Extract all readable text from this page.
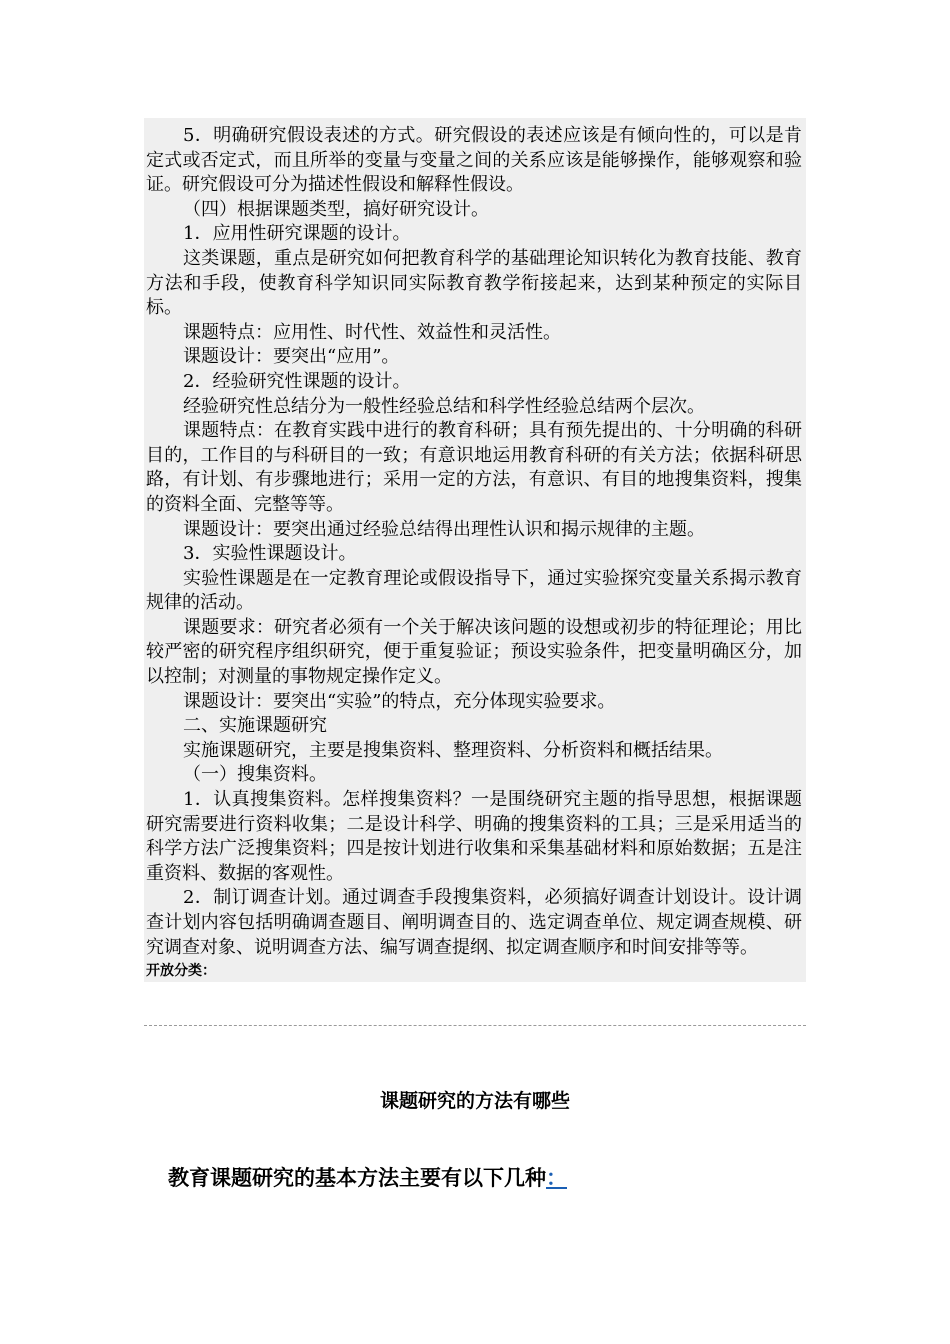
5．明确研究假设表述的方式。研究假设的表述应该是有倾向性的，可以是肯定式或否定式，而且所举的变量与变量之间的关系应该是能够操作，能够观察和验证。研究假设可分为描述性假设和解释性假设。

（四）根据课题类型，搞好研究设计。

1．应用性研究课题的设计。

这类课题，重点是研究如何把教育科学的基础理论知识转化为教育技能、教育方法和手段，使教育科学知识同实际教育教学衔接起来，达到某种预定的实际目标。

课题特点：应用性、时代性、效益性和灵活性。

课题设计：要突出“应用”。

2．经验研究性课题的设计。

经验研究性总结分为一般性经验总结和科学性经验总结两个层次。

课题特点：在教育实践中进行的教育科研；具有预先提出的、十分明确的科研目的，工作目的与科研目的一致；有意识地运用教育科研的有关方法；依据科研思路，有计划、有步骤地进行；采用一定的方法，有意识、有目的地搜集资料，搜集的资料全面、完整等等。

课题设计：要突出通过经验总结得出理性认识和揭示规律的主题。

3．实验性课题设计。

实验性课题是在一定教育理论或假设指导下，通过实验探究变量关系揭示教育规律的活动。

课题要求：研究者必须有一个关于解决该问题的设想或初步的特征理论；用比较严密的研究程序组织研究，便于重复验证；预设实验条件，把变量明确区分，加以控制；对测量的事物规定操作定义。

课题设计：要突出“实验”的特点，充分体现实验要求。

二、实施课题研究

实施课题研究，主要是搜集资料、整理资料、分析资料和概括结果。

（一）搜集资料。

1．认真搜集资料。怎样搜集资料？一是围绕研究主题的指导思想，根据课题研究需要进行资料收集；二是设计科学、明确的搜集资料的工具；三是采用适当的科学方法广泛搜集资料；四是按计划进行收集和采集基础材料和原始数据；五是注重资料、数据的客观性。

2．制订调查计划。通过调查手段搜集资料，必须搞好调查计划设计。设计调查计划内容包括明确调查题目、阐明调查目的、选定调查单位、规定调查规模、研究调查对象、说明调查方法、编写调查提纲、拟定调查顺序和时间安排等等。

开放分类：

课题研究的方法有哪些
教育课题研究的基本方法主要有以下几种：
